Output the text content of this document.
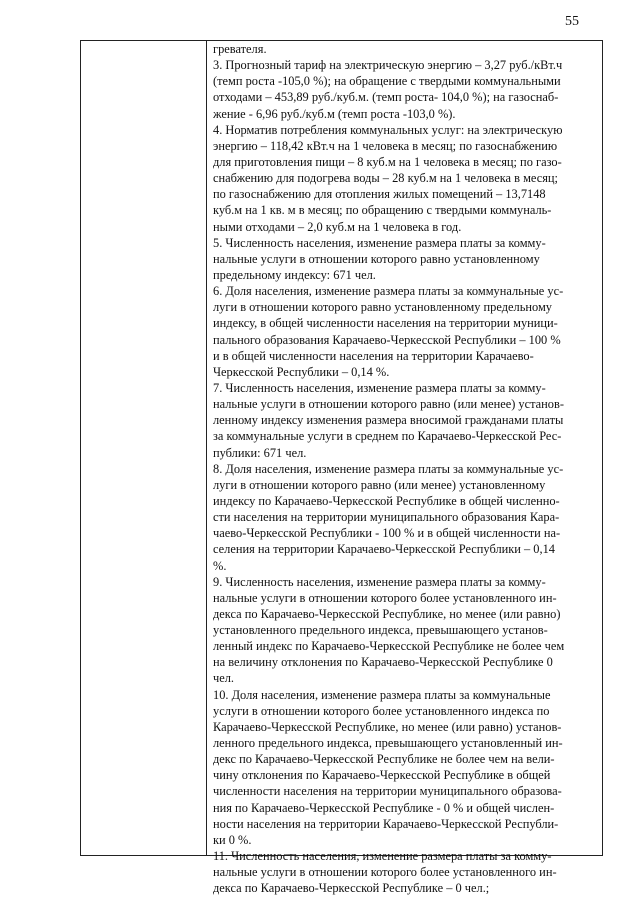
55
гревателя.
3. Прогнозный тариф на электрическую энергию – 3,27 руб./кВт.ч
(темп роста -105,0 %); на обращение с твердыми коммунальными
отходами – 453,89 руб./куб.м. (темп роста- 104,0 %); на газоснаб-
жение - 6,96 руб./куб.м (темп роста -103,0 %).
4. Норматив потребления коммунальных услуг: на электрическую
энергию – 118,42 кВт.ч на 1 человека в месяц; по газоснабжению
для приготовления пищи – 8 куб.м на 1 человека в месяц; по газо-
снабжению для подогрева воды – 28 куб.м на 1 человека в месяц;
по газоснабжению для отопления жилых помещений – 13,7148
куб.м на 1 кв. м в месяц; по обращению с твердыми коммуналь-
ными отходами – 2,0 куб.м на 1 человека в год.
5. Численность населения, изменение размера платы за комму-
нальные услуги в отношении которого равно установленному
предельному индексу: 671 чел.
6. Доля населения, изменение размера платы за коммунальные ус-
луги в отношении которого равно установленному предельному
индексу, в общей численности населения на территории муници-
пального образования Карачаево-Черкесской Республики – 100 %
и в общей численности населения на территории Карачаево-
Черкесской Республики – 0,14 %.
7. Численность населения, изменение размера платы за комму-
нальные услуги в отношении которого равно (или менее) установ-
ленному индексу изменения размера вносимой гражданами платы
за коммунальные услуги в среднем по Карачаево-Черкесской Рес-
публики: 671 чел.
8. Доля населения, изменение размера платы за коммунальные ус-
луги в отношении которого равно (или менее) установленному
индексу по Карачаево-Черкесской Республике в общей численно-
сти населения на территории муниципального образования Кара-
чаево-Черкесской Республики - 100 % и в общей численности на-
селения на территории Карачаево-Черкесской Республики – 0,14
%.
9. Численность населения, изменение размера платы за комму-
нальные услуги в отношении которого более установленного ин-
декса по Карачаево-Черкесской Республике, но менее (или равно)
установленного предельного индекса, превышающего установ-
ленный индекс по Карачаево-Черкесской Республике не более чем
на величину отклонения по Карачаево-Черкесской Республике 0
чел.
10. Доля населения, изменение размера платы за коммунальные
услуги в отношении которого более установленного индекса по
Карачаево-Черкесской Республике, но менее (или равно) установ-
ленного предельного индекса, превышающего установленный ин-
декс по Карачаево-Черкесской Республике не более чем на вели-
чину отклонения по Карачаево-Черкесской Республике в общей
численности населения на территории муниципального образова-
ния по Карачаево-Черкесской Республике - 0 % и общей числен-
ности населения на территории Карачаево-Черкесской Республи-
ки 0 %.
11. Численность населения, изменение размера платы за комму-
нальные услуги в отношении которого более установленного ин-
декса по Карачаево-Черкесской Республике – 0 чел.;
